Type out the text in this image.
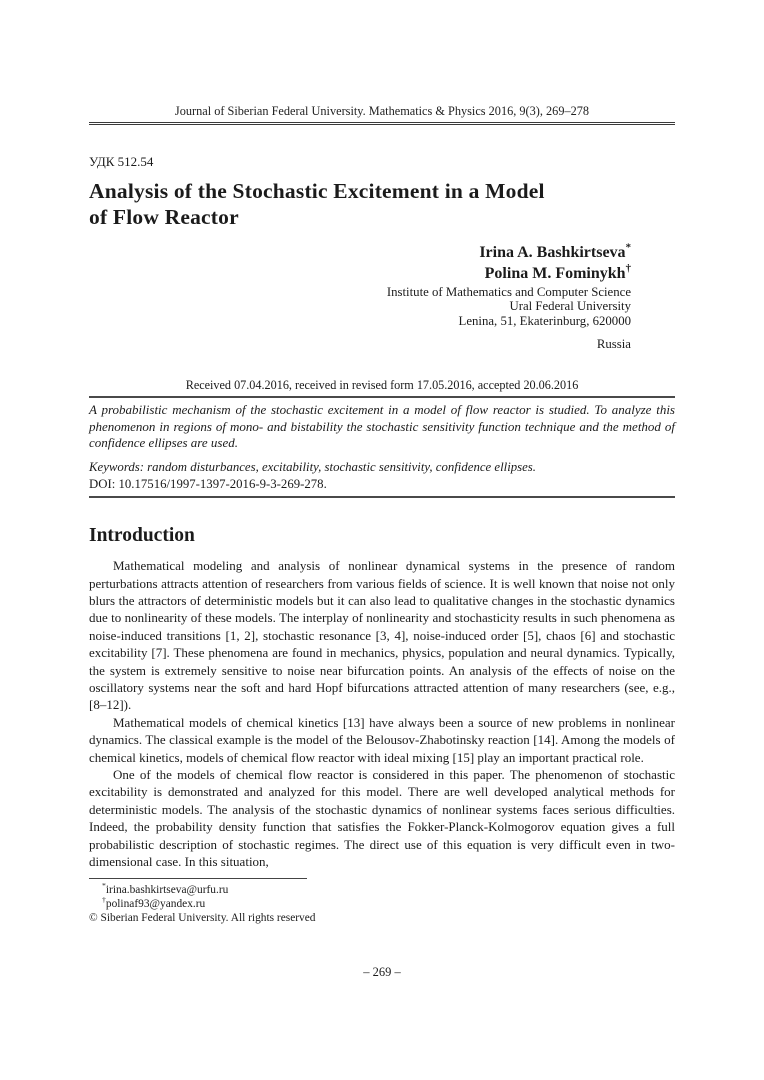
Journal of Siberian Federal University. Mathematics & Physics 2016, 9(3), 269–278
УДК 512.54
Analysis of the Stochastic Excitement in a Model
of Flow Reactor
Irina A. Bashkirtseva*
Polina M. Fominykh†
Institute of Mathematics and Computer Science
Ural Federal University
Lenina, 51, Ekaterinburg, 620000
Russia
Received 07.04.2016, received in revised form 17.05.2016, accepted 20.06.2016

A probabilistic mechanism of the stochastic excitement in a model of flow reactor is studied. To analyze this phenomenon in regions of mono- and bistability the stochastic sensitivity function technique and the method of confidence ellipses are used.

Keywords: random disturbances, excitability, stochastic sensitivity, confidence ellipses.

DOI: 10.17516/1997-1397-2016-9-3-269-278.

Introduction

Mathematical modeling and analysis of nonlinear dynamical systems in the presence of random perturbations attracts attention of researchers from various fields of science. It is well known that noise not only blurs the attractors of deterministic models but it can also lead to qualitative changes in the stochastic dynamics due to nonlinearity of these models. The interplay of nonlinearity and stochasticity results in such phenomena as noise-induced transitions [1, 2], stochastic resonance [3, 4], noise-induced order [5], chaos [6] and stochastic excitability [7]. These phenomena are found in mechanics, physics, population and neural dynamics. Typically, the system is extremely sensitive to noise near bifurcation points. An analysis of the effects of noise on the oscillatory systems near the soft and hard Hopf bifurcations attracted attention of many researchers (see, e.g., [8–12]).

Mathematical models of chemical kinetics [13] have always been a source of new problems in nonlinear dynamics. The classical example is the model of the Belousov-Zhabotinsky reaction [14]. Among the models of chemical kinetics, models of chemical flow reactor with ideal mixing [15] play an important practical role.

One of the models of chemical flow reactor is considered in this paper. The phenomenon of stochastic excitability is demonstrated and analyzed for this model. There are well developed analytical methods for deterministic models. The analysis of the stochastic dynamics of nonlinear systems faces serious difficulties. Indeed, the probability density function that satisfies the Fokker-Planck-Kolmogorov equation gives a full probabilistic description of stochastic regimes. The direct use of this equation is very difficult even in two-dimensional case. In this situation,

*irina.bashkirtseva@urfu.ru
†polinaf93@yandex.ru
© Siberian Federal University. All rights reserved
– 269 –
